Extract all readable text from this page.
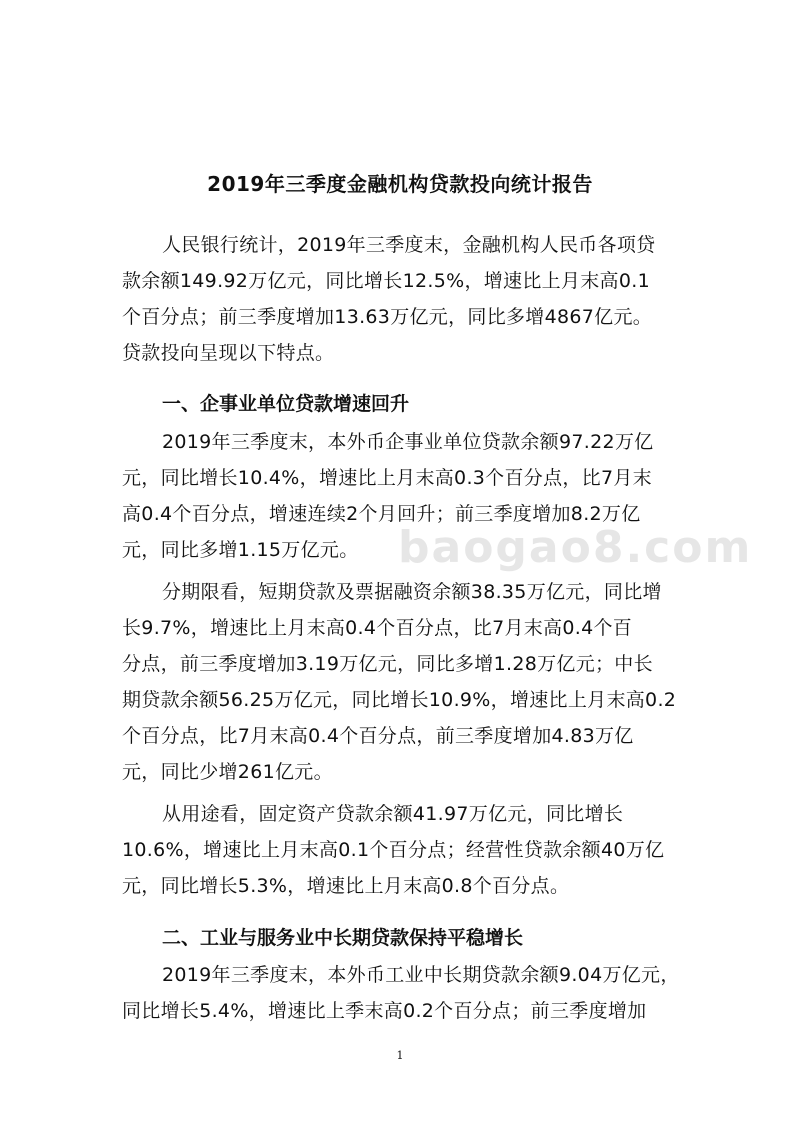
2019年三季度金融机构贷款投向统计报告
人民银行统计，2019年三季度末，金融机构人民币各项贷
款余额149.92万亿元，同比增长12.5%，增速比上月末高0.1
个百分点；前三季度增加13.63万亿元，同比多增4867亿元。
贷款投向呈现以下特点。
一、企事业单位贷款增速回升
2019年三季度末，本外币企事业单位贷款余额97.22万亿
元，同比增长10.4%，增速比上月末高0.3个百分点，比7月末
高0.4个百分点，增速连续2个月回升；前三季度增加8.2万亿
元，同比多增1.15万亿元。
分期限看，短期贷款及票据融资余额38.35万亿元，同比增
长9.7%，增速比上月末高0.4个百分点，比7月末高0.4个百
分点，前三季度增加3.19万亿元，同比多增1.28万亿元；中长
期贷款余额56.25万亿元，同比增长10.9%，增速比上月末高0.2
个百分点，比7月末高0.4个百分点，前三季度增加4.83万亿
元，同比少增261亿元。
从用途看，固定资产贷款余额41.97万亿元，同比增长
10.6%，增速比上月末高0.1个百分点；经营性贷款余额40万亿
元，同比增长5.3%，增速比上月末高0.8个百分点。
二、工业与服务业中长期贷款保持平稳增长
2019年三季度末，本外币工业中长期贷款余额9.04万亿元，
同比增长5.4%，增速比上季末高0.2个百分点；前三季度增加
baogao8.com
1
